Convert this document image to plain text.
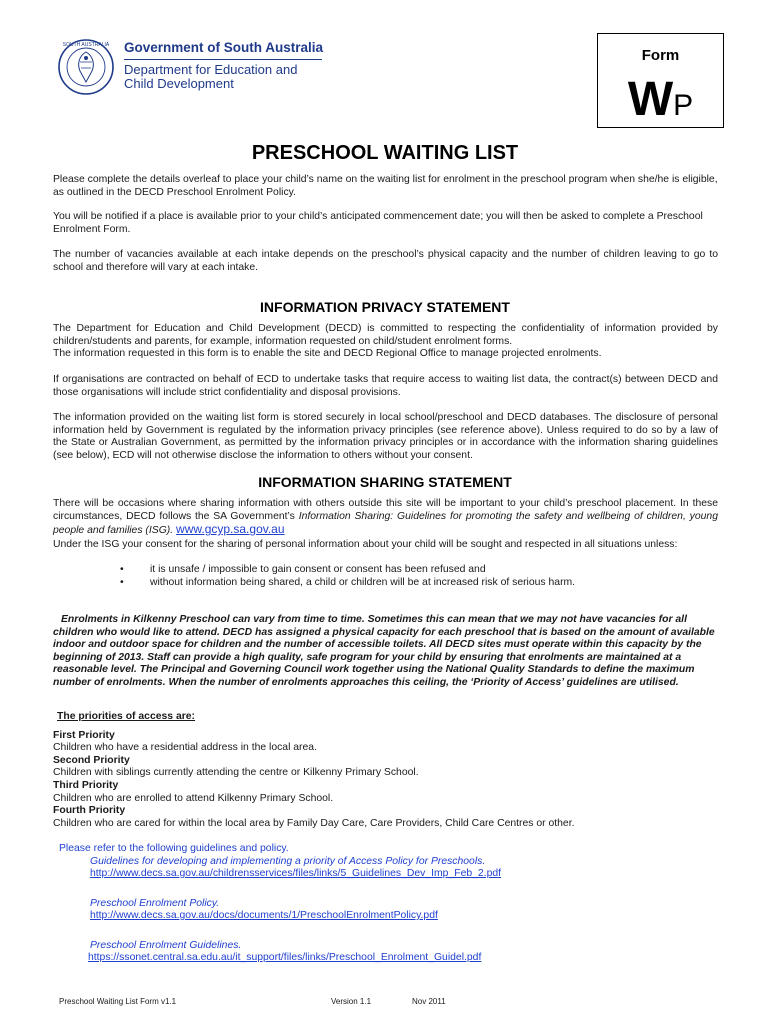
SOUTH AUSTRALIA Government of South Australia
Department for Education and
Child Development
Form
WP
PRESCHOOL WAITING LIST

Please complete the details overleaf to place your child’s name on the waiting list for enrolment in the preschool program when she/he is eligible, as outlined in the DECD Preschool Enrolment Policy.

You will be notified if a place is available prior to your child’s anticipated commencement date; you will then be asked to complete a Preschool Enrolment Form.

The number of vacancies available at each intake depends on the preschool’s physical capacity and the number of children leaving to go to school and therefore will vary at each intake.

INFORMATION PRIVACY STATEMENT

The Department for Education and Child Development (DECD) is committed to respecting the confidentiality of information provided by children/students and parents, for example, information requested on child/student enrolment forms.

The information requested in this form is to enable the site and DECD Regional Office to manage projected enrolments.

If organisations are contracted on behalf of ECD to undertake tasks that require access to waiting list data, the contract(s) between DECD and those organisations will include strict confidentiality and disposal provisions.

The information provided on the waiting list form is stored securely in local school/preschool and DECD databases. The disclosure of personal information held by Government is regulated by the information privacy principles (see reference above). Unless required to do so by a law of the State or Australian Government, as permitted by the information privacy principles or in accordance with the information sharing guidelines (see below), ECD will not otherwise disclose the information to others without your consent.

INFORMATION SHARING STATEMENT

There will be occasions where sharing information with others outside this site will be important to your child’s preschool placement. In these circumstances, DECD follows the SA Government’s Information Sharing: Guidelines for promoting the safety and wellbeing of children, young people and families (ISG). www.gcyp.sa.gov.au

Under the ISG your consent for the sharing of personal information about your child will be sought and respected in all situations unless:

•	it is unsafe / impossible to gain consent or consent has been refused and
•	without information being shared, a child or children will be at increased risk of serious harm.

Enrolments in Kilkenny Preschool can vary from time to time. Sometimes this can mean that we may not have vacancies for all children who would like to attend. DECD has assigned a physical capacity for each preschool that is based on the amount of available indoor and outdoor space for children and the number of accessible toilets. All DECD sites must operate within this capacity by the beginning of 2013. Staff can provide a high quality, safe program for your child by ensuring that enrolments are maintained at a reasonable level. The Principal and Governing Council work together using the National Quality Standards to define the maximum number of enrolments. When the number of enrolments approaches this ceiling, the ‘Priority of Access’ guidelines are utilised.

The priorities of access are:
First Priority
Children who have a residential address in the local area.
Second Priority
Children with siblings currently attending the centre or Kilkenny Primary School.
Third Priority
Children who are enrolled to attend Kilkenny Primary School.
Fourth Priority
Children who are cared for within the local area by Family Day Care, Care Providers, Child Care Centres or other.
Please refer to the following guidelines and policy.
Guidelines for developing and implementing a priority of Access Policy for Preschools.
http://www.decs.sa.gov.au/childrensservices/files/links/5_Guidelines_Dev_Imp_Feb_2.pdf
Preschool Enrolment Policy.
http://www.decs.sa.gov.au/docs/documents/1/PreschoolEnrolmentPolicy.pdf
Preschool Enrolment Guidelines.
https://ssonet.central.sa.edu.au/it_support/files/links/Preschool_Enrolment_Guidel.pdf
Preschool Waiting List Form v1.1	Version 1.1	Nov 2011
